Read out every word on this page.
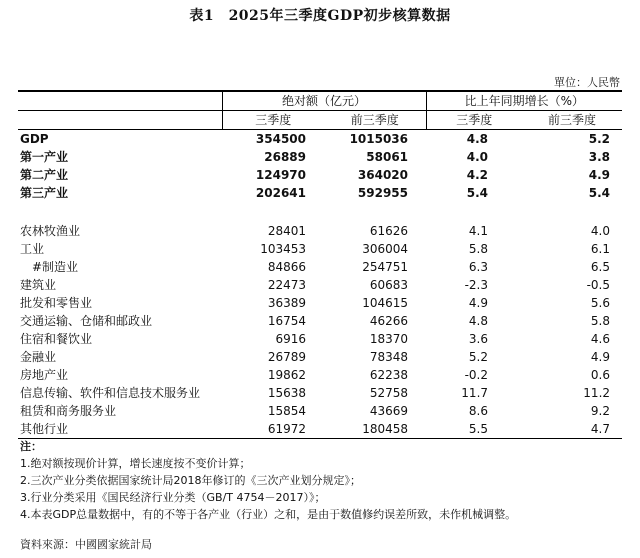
表1　2025年三季度GDP初步核算数据
單位：人民幣
	绝对额（亿元）		比上年同期增长（%）	
	三季度	前三季度	三季度	前三季度
GDP	354500	1015036	4.8	5.2
第一产业	26889	58061	4.0	3.8
第二产业	124970	364020	4.2	4.9
第三产业	202641	592955	5.4	5.4

农林牧渔业	28401	61626	4.1	4.0
工业	103453	306004	5.8	6.1
#制造业	84866	254751	6.3	6.5
建筑业	22473	60683	-2.3	-0.5
批发和零售业	36389	104615	4.9	5.6
交通运输、仓储和邮政业	16754	46266	4.8	5.8
住宿和餐饮业	6916	18370	3.6	4.6
金融业	26789	78348	5.2	4.9
房地产业	19862	62238	-0.2	0.6
信息传输、软件和信息技术服务业	15638	52758	11.7	11.2
租赁和商务服务业	15854	43669	8.6	9.2
其他行业	61972	180458	5.5	4.7
注：
1.绝对额按现价计算，增长速度按不变价计算；
2.三次产业分类依据国家统计局2018年修订的《三次产业划分规定》；
3.行业分类采用《国民经济行业分类（GB/T 4754－2017）》；
4.本表GDP总量数据中，有的不等于各产业（行业）之和，是由于数值修约误差所致，未作机械调整。
資料來源：中國國家統計局
